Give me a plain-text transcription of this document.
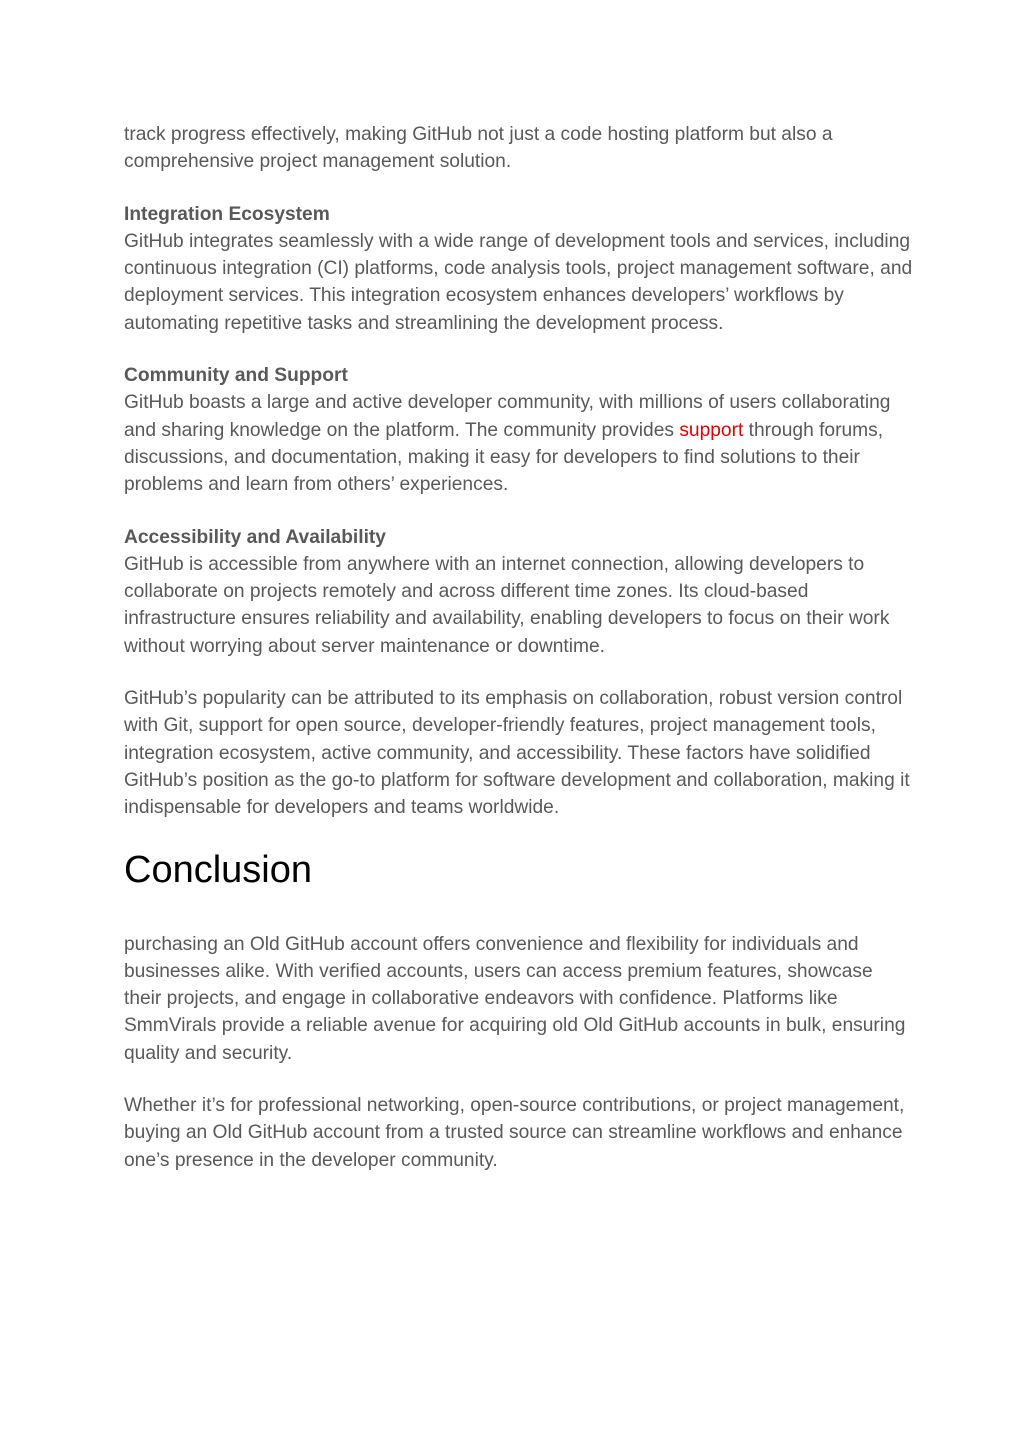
track progress effectively, making GitHub not just a code hosting platform but also a comprehensive project management solution.

Integration Ecosystem
GitHub integrates seamlessly with a wide range of development tools and services, including continuous integration (CI) platforms, code analysis tools, project management software, and deployment services. This integration ecosystem enhances developers’ workflows by automating repetitive tasks and streamlining the development process.

Community and Support
GitHub boasts a large and active developer community, with millions of users collaborating and sharing knowledge on the platform. The community provides support through forums, discussions, and documentation, making it easy for developers to find solutions to their problems and learn from others’ experiences.

Accessibility and Availability
GitHub is accessible from anywhere with an internet connection, allowing developers to collaborate on projects remotely and across different time zones. Its cloud-based infrastructure ensures reliability and availability, enabling developers to focus on their work without worrying about server maintenance or downtime.

GitHub’s popularity can be attributed to its emphasis on collaboration, robust version control with Git, support for open source, developer-friendly features, project management tools, integration ecosystem, active community, and accessibility. These factors have solidified GitHub’s position as the go-to platform for software development and collaboration, making it indispensable for developers and teams worldwide.

Conclusion

purchasing an Old GitHub account offers convenience and flexibility for individuals and businesses alike. With verified accounts, users can access premium features, showcase their projects, and engage in collaborative endeavors with confidence. Platforms like SmmVirals provide a reliable avenue for acquiring old Old GitHub accounts in bulk, ensuring quality and security.

Whether it’s for professional networking, open-source contributions, or project management, buying an Old GitHub account from a trusted source can streamline workflows and enhance one’s presence in the developer community.
